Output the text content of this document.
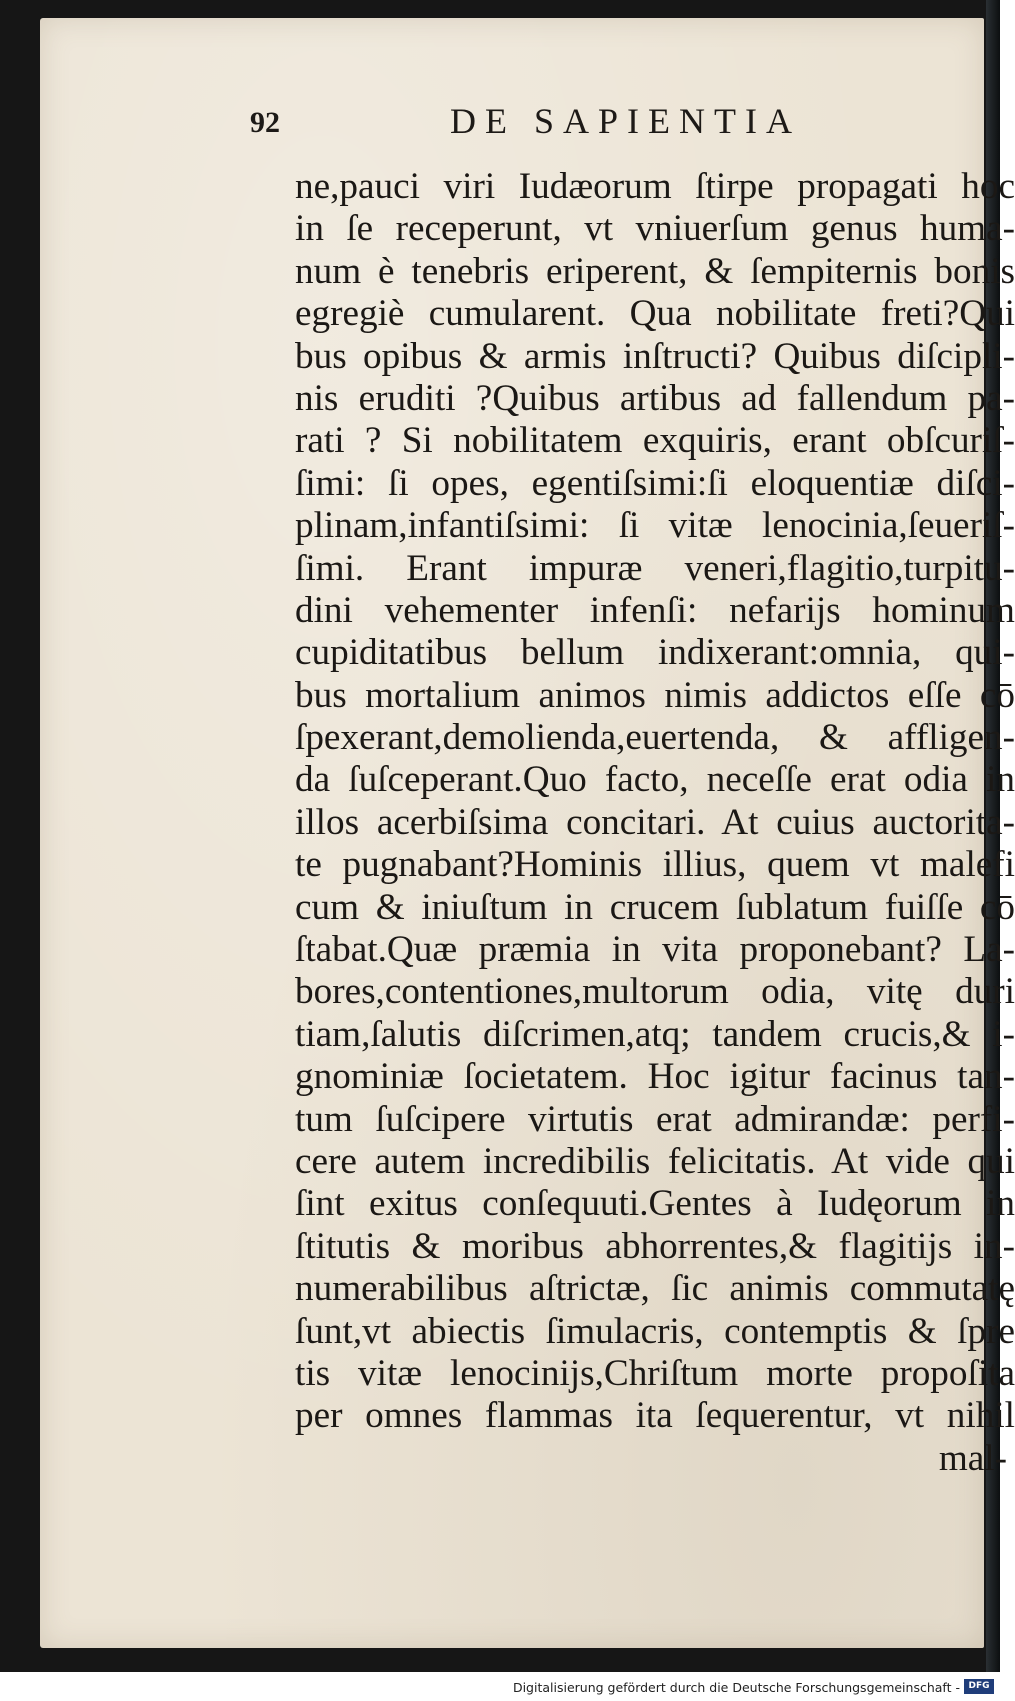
92	DE SAPIENTIA
ne,pauci viri Iudæorum ſtirpe propagati hoc
in ſe receperunt, vt vniuerſum genus huma-
num è tenebris eriperent, & ſempiternis bonis
egregiè cumularent. Qua nobilitate freti?Qui
bus opibus & armis inſtructi? Quibus diſcipli-
nis eruditi ?Quibus artibus ad fallendum pa-
rati ? Si nobilitatem exquiris, erant obſcuriſ-
ſimi: ſi opes, egentiſsimi:ſi eloquentiæ diſci-
plinam,infantiſsimi: ſi vitæ lenocinia,ſeueriſ-
ſimi. Erant impuræ veneri,flagitio,turpitu-
dini vehementer infenſi: nefarijs hominum
cupiditatibus bellum indixerant:omnia, qui-
bus mortalium animos nimis addictos eſſe cō
ſpexerant,demolienda,euertenda, & affligen-
da ſuſceperant.Quo facto, neceſſe erat odia in
illos acerbiſsima concitari. At cuius auctorita-
te pugnabant?Hominis illius, quem vt malefi
cum & iniuſtum in crucem ſublatum fuiſſe cō
ſtabat.Quæ præmia in vita proponebant? La-
bores,contentiones,multorum odia, vitę duri
tiam,ſalutis diſcrimen,atq; tandem crucis,& i-
gnominiæ ſocietatem. Hoc igitur facinus tan-
tum ſuſcipere virtutis erat admirandæ: perfi-
cere autem incredibilis felicitatis. At vide qui
ſint exitus conſequuti.Gentes à Iudęorum in
ſtitutis & moribus abhorrentes,& flagitijs in-
numerabilibus aſtrictæ, ſic animis commutatę
ſunt,vt abiectis ſimulacris, contemptis & ſpre
tis vitæ lenocinijs,Chriſtum morte propoſita
per omnes flammas ita ſequerentur, vt nihil
mal-
Digitalisierung gefördert durch die Deutsche Forschungsgemeinschaft - DFG
